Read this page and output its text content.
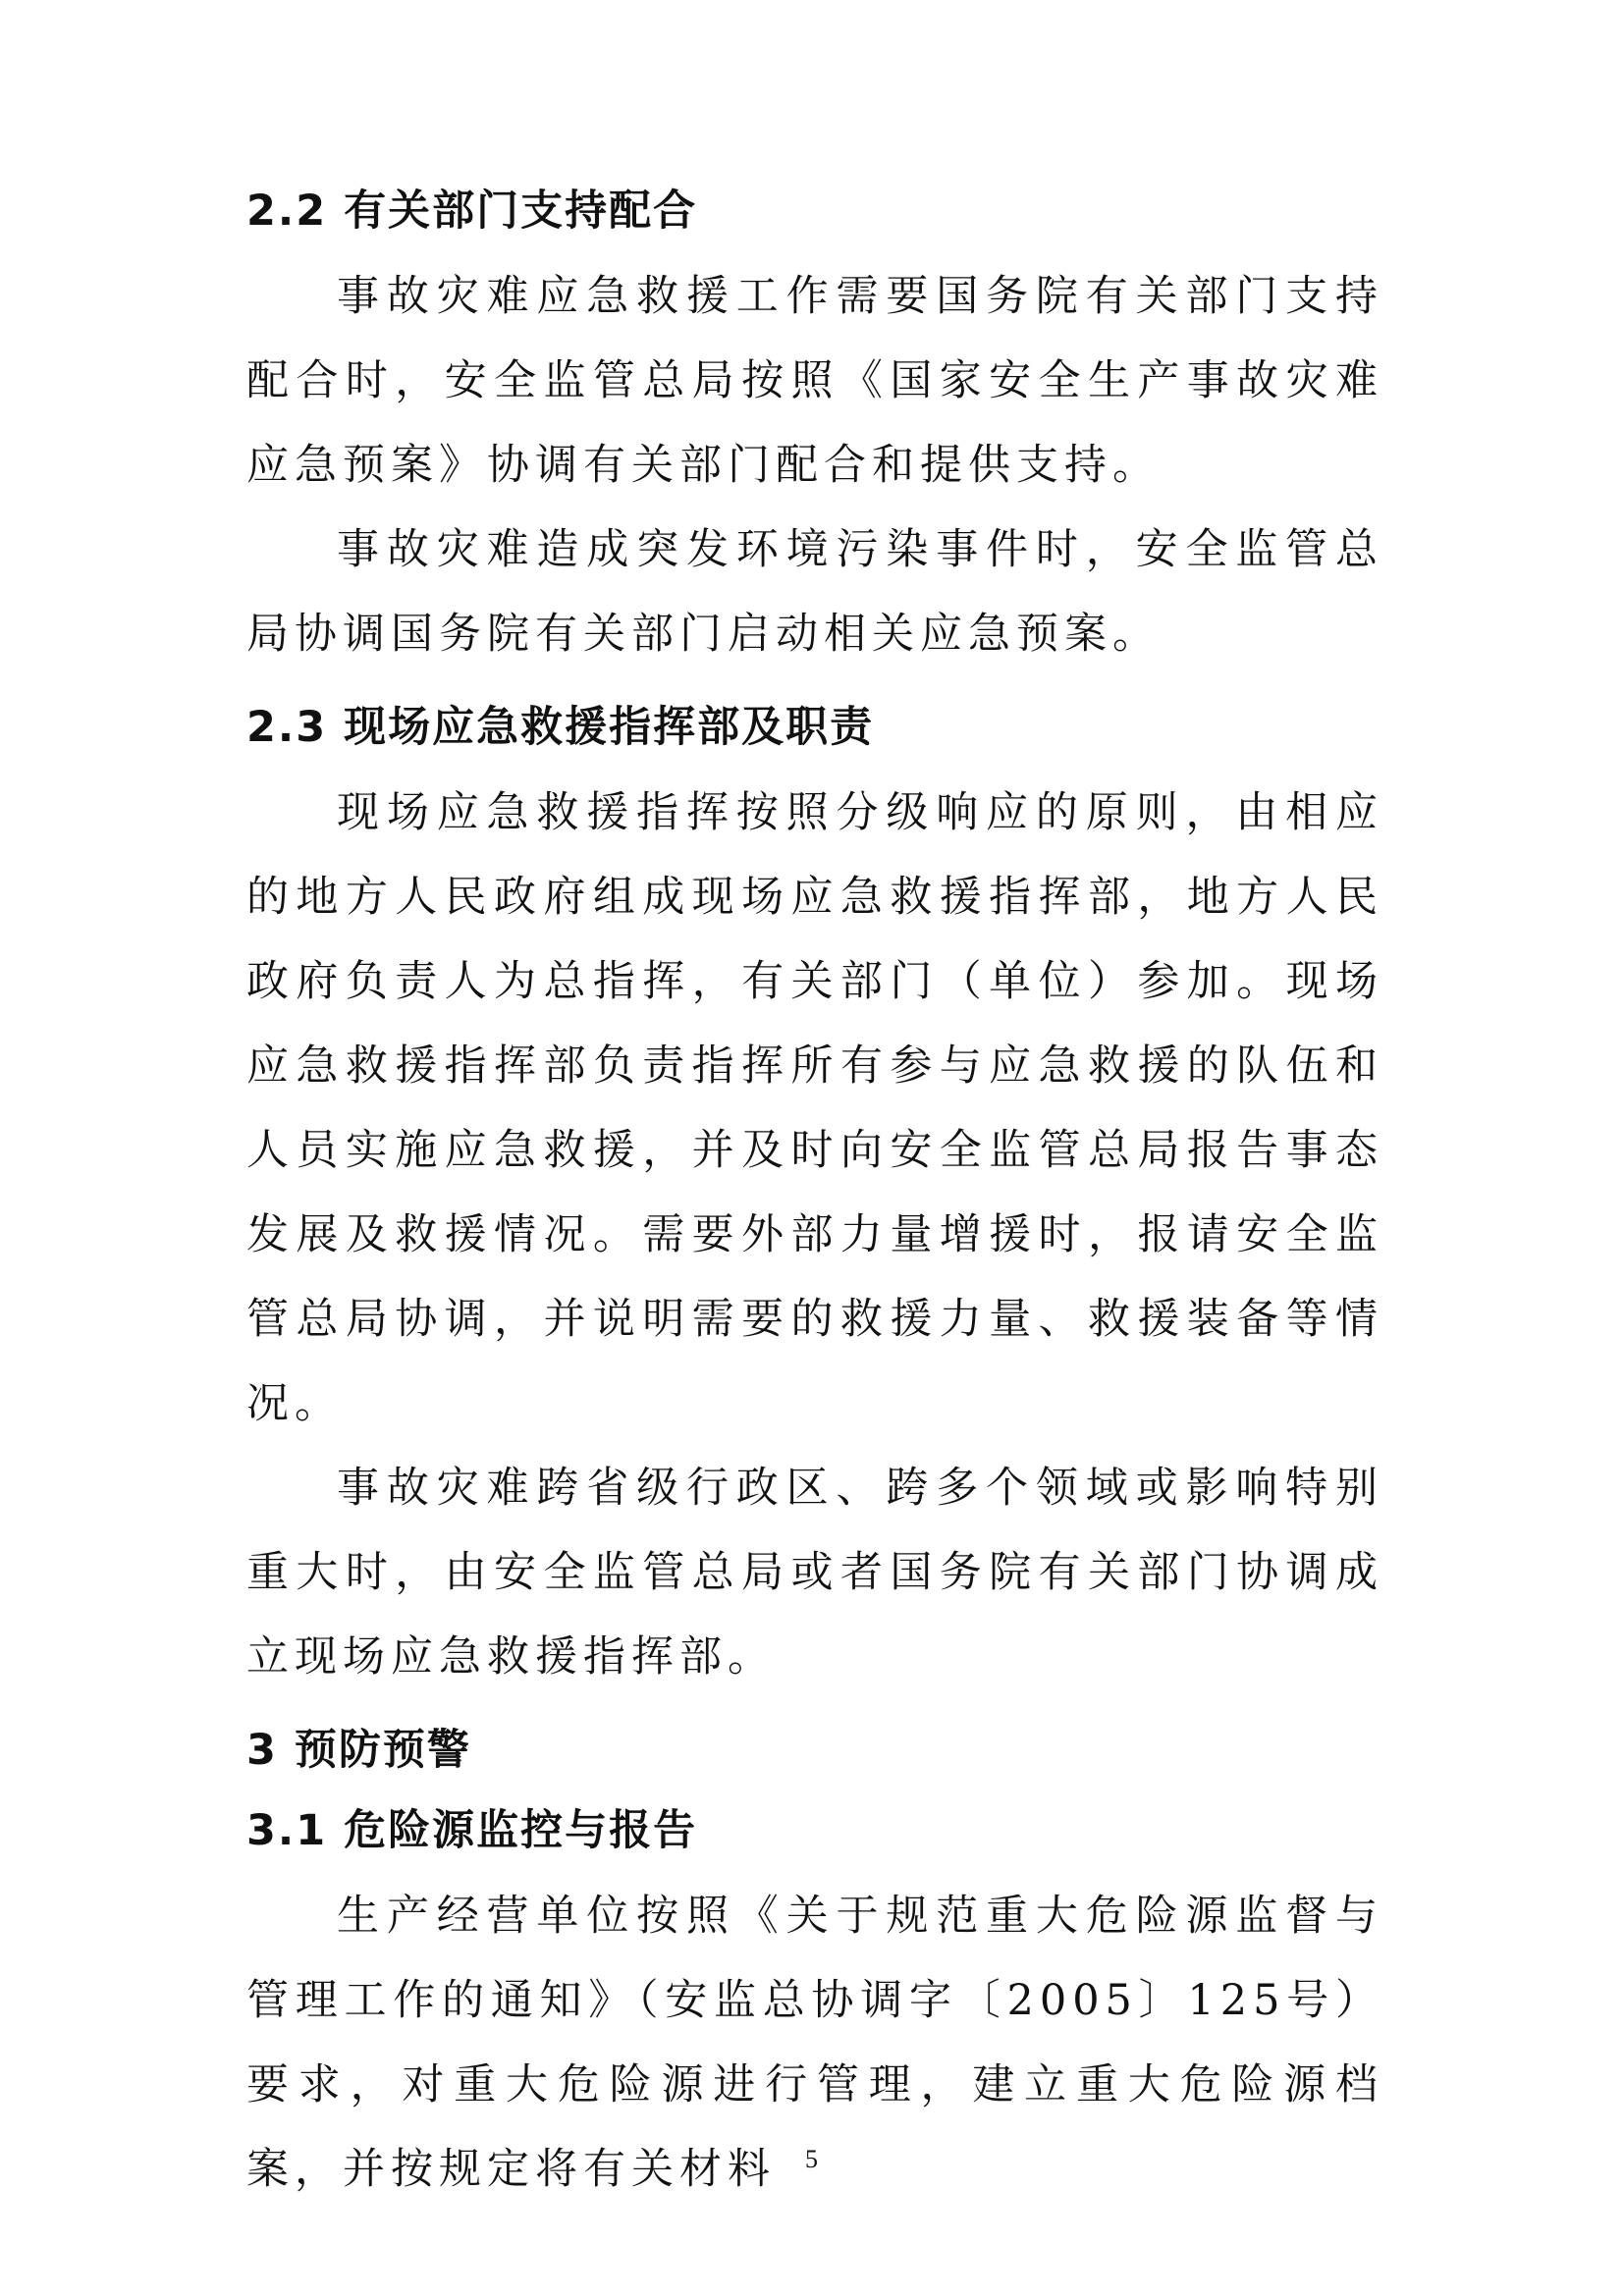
2.2 有关部门支持配合

事故灾难应急救援工作需要国务院有关部门支持配合时，安全监管总局按照《国家安全生产事故灾难应急预案》协调有关部门配合和提供支持。

事故灾难造成突发环境污染事件时，安全监管总局协调国务院有关部门启动相关应急预案。

2.3 现场应急救援指挥部及职责

现场应急救援指挥按照分级响应的原则，由相应的地方人民政府组成现场应急救援指挥部，地方人民政府负责人为总指挥，有关部门（单位）参加。现场应急救援指挥部负责指挥所有参与应急救援的队伍和人员实施应急救援，并及时向安全监管总局报告事态发展及救援情况。需要外部力量增援时，报请安全监管总局协调，并说明需要的救援力量、救援装备等情况。

事故灾难跨省级行政区、跨多个领域或影响特别重大时，由安全监管总局或者国务院有关部门协调成立现场应急救援指挥部。

3 预防预警
3.1 危险源监控与报告

生产经营单位按照《关于规范重大危险源监督与管理工作的通知》（安监总协调字〔2005〕125号）要求，对重大危险源进行管理，建立重大危险源档案，并按规定将有关材料	5
